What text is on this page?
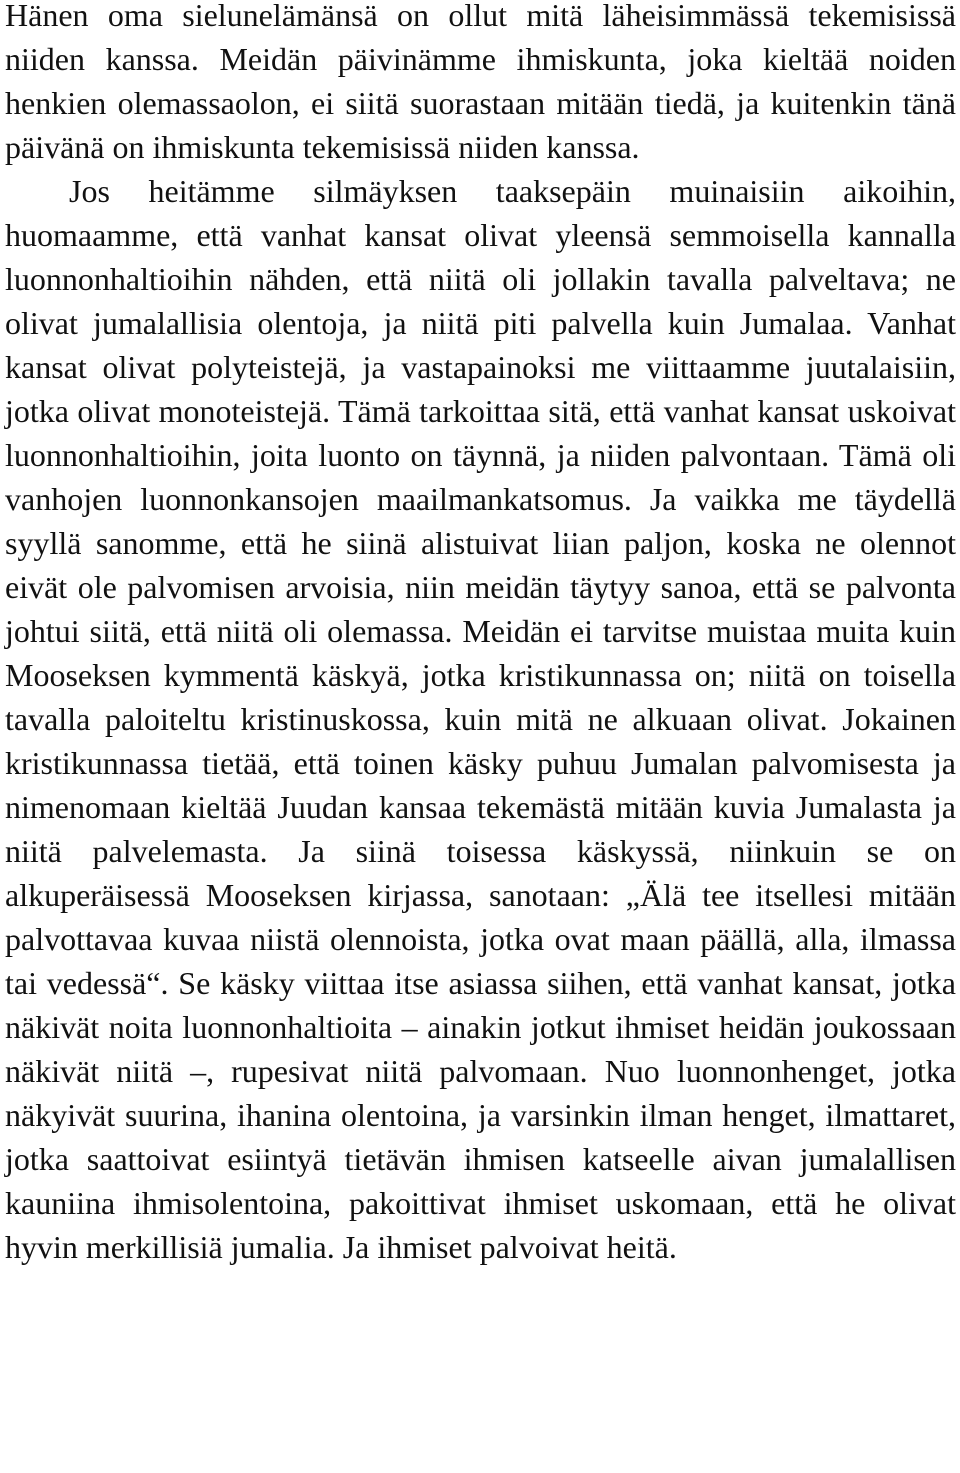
Hänen oma sielunelämänsä on ollut mitä läheisimmässä tekemisissä niiden kanssa. Meidän päivinämme ihmiskunta, joka kieltää noiden henkien olemassaolon, ei siitä suorastaan mitään tiedä, ja kuitenkin tänä päivänä on ihmiskunta tekemisissä niiden kanssa.

Jos heitämme silmäyksen taaksepäin muinaisiin aikoihin, huomaamme, että vanhat kansat olivat yleensä semmoisella kannalla luonnonhaltioihin nähden, että niitä oli jollakin tavalla palveltava; ne olivat jumalallisia olentoja, ja niitä piti palvella kuin Jumalaa. Vanhat kansat olivat polyteistejä, ja vastapainoksi me viittaamme juutalaisiin, jotka olivat monoteistejä. Tämä tarkoittaa sitä, että vanhat kansat uskoivat luonnonhaltioihin, joita luonto on täynnä, ja niiden palvontaan. Tämä oli vanhojen luonnonkansojen maailmankatsomus. Ja vaikka me täydellä syyllä sanomme, että he siinä alistuivat liian paljon, koska ne olennot eivät ole palvomisen arvoisia, niin meidän täytyy sanoa, että se palvonta johtui siitä, että niitä oli olemassa. Meidän ei tarvitse muistaa muita kuin Mooseksen kymmentä käskyä, jotka kristikunnassa on; niitä on toisella tavalla paloiteltu kristinuskossa, kuin mitä ne alkuaan olivat. Jokainen kristikunnassa tietää, että toinen käsky puhuu Jumalan palvomisesta ja nimenomaan kieltää Juudan kansaa tekemästä mitään kuvia Jumalasta ja niitä palvelemasta. Ja siinä toisessa käskyssä, niinkuin se on alkuperäisessä Mooseksen kirjassa, sanotaan: „Älä tee itsellesi mitään palvottavaa kuvaa niistä olennoista, jotka ovat maan päällä, alla, ilmassa tai vedessä“. Se käsky viittaa itse asiassa siihen, että vanhat kansat, jotka näkivät noita luonnonhaltioita – ainakin jotkut ihmiset heidän joukossaan näkivät niitä –, rupesivat niitä palvomaan. Nuo luonnonhenget, jotka näkyivät suurina, ihanina olentoina, ja varsinkin ilman henget, ilmattaret, jotka saattoivat esiintyä tietävän ihmisen katseelle aivan jumalallisen kauniina ihmisolentoina, pakoittivat ihmiset uskomaan, että he olivat hyvin merkillisiä jumalia. Ja ihmiset palvoivat heitä.
